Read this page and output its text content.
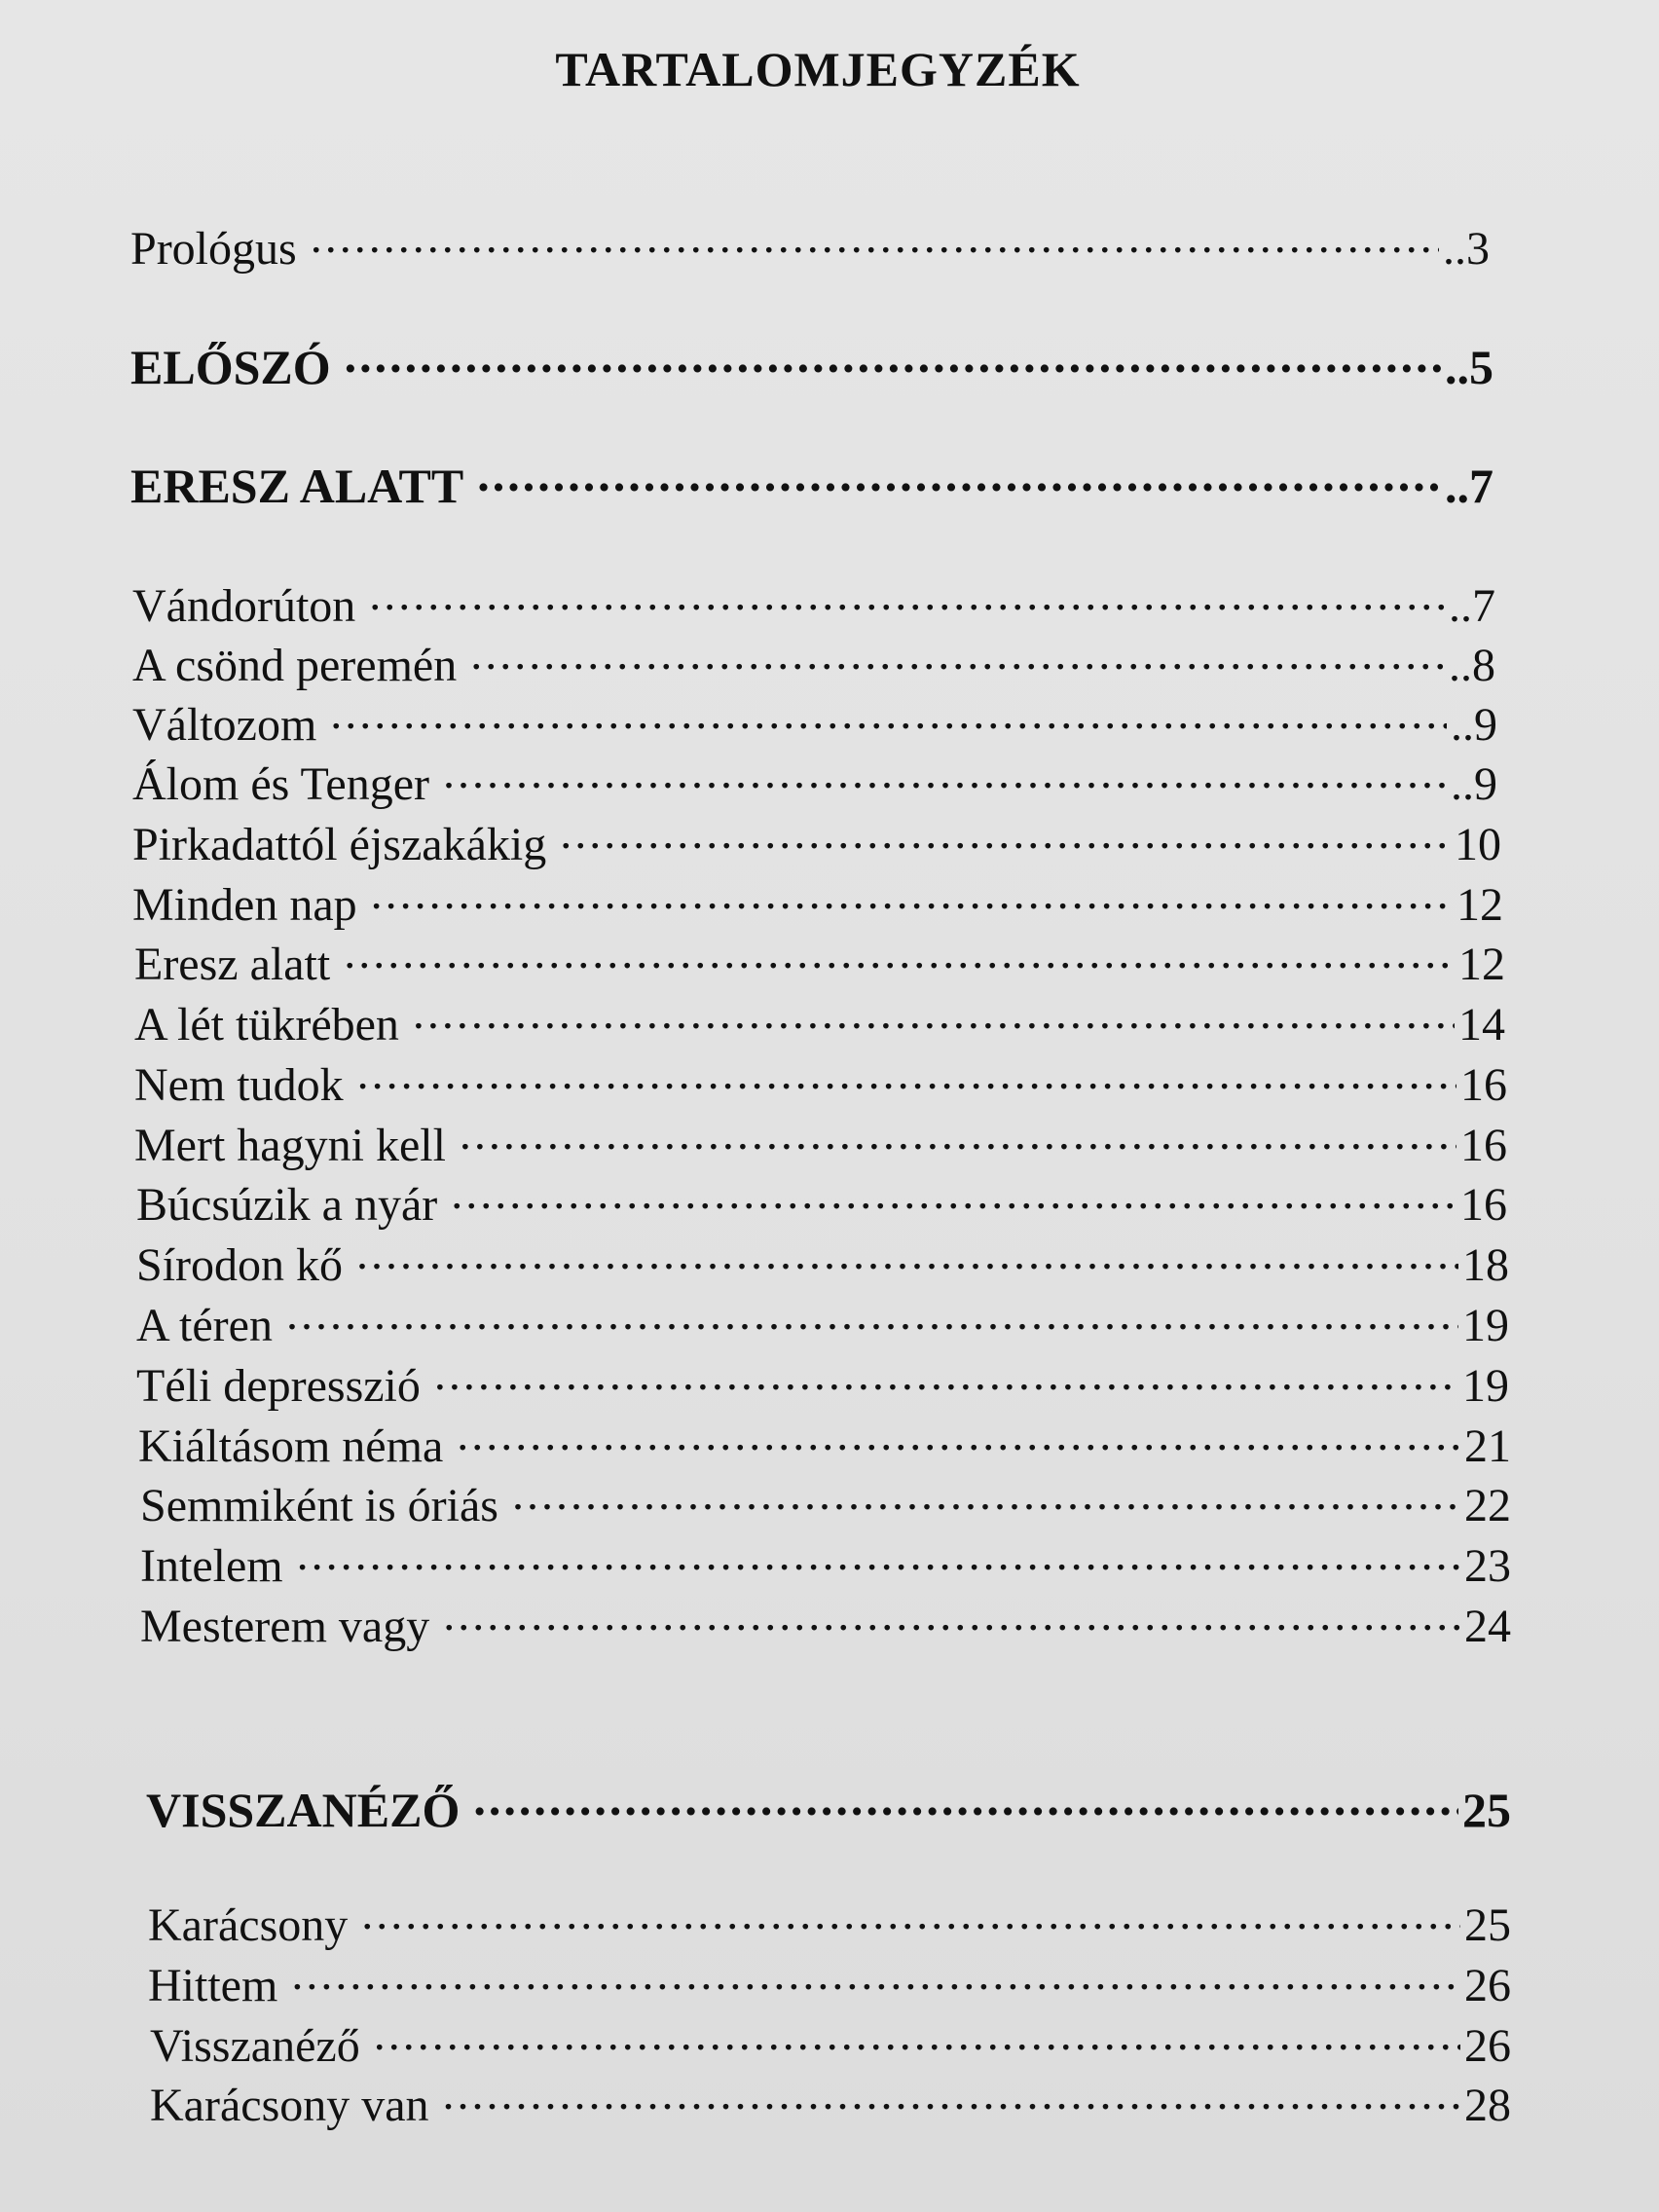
TARTALOMJEGYZÉK
Prológus .....	..3
ELŐSZÓ .....	..5
ERESZ ALATT .....	..7
Vándorúton .....	..7
A csönd peremén .....	..8
Változom .....	..9
Álom és Tenger .....	..9
Pirkadattól éjszakákig .....	10
Minden nap .....	12
Eresz alatt .....	12
A lét tükrében .....	14
Nem tudok .....	16
Mert hagyni kell .....	16
Búcsúzik a nyár .....	16
Sírodon kő .....	18
A téren .....	19
Téli depresszió .....	19
Kiáltásom néma .....	21
Semmiként is óriás .....	22
Intelem .....	23
Mesterem vagy .....	24
VISSZANÉZŐ .....	25
Karácsony .....	25
Hittem .....	26
Visszanéző .....	26
Karácsony van .....	28
